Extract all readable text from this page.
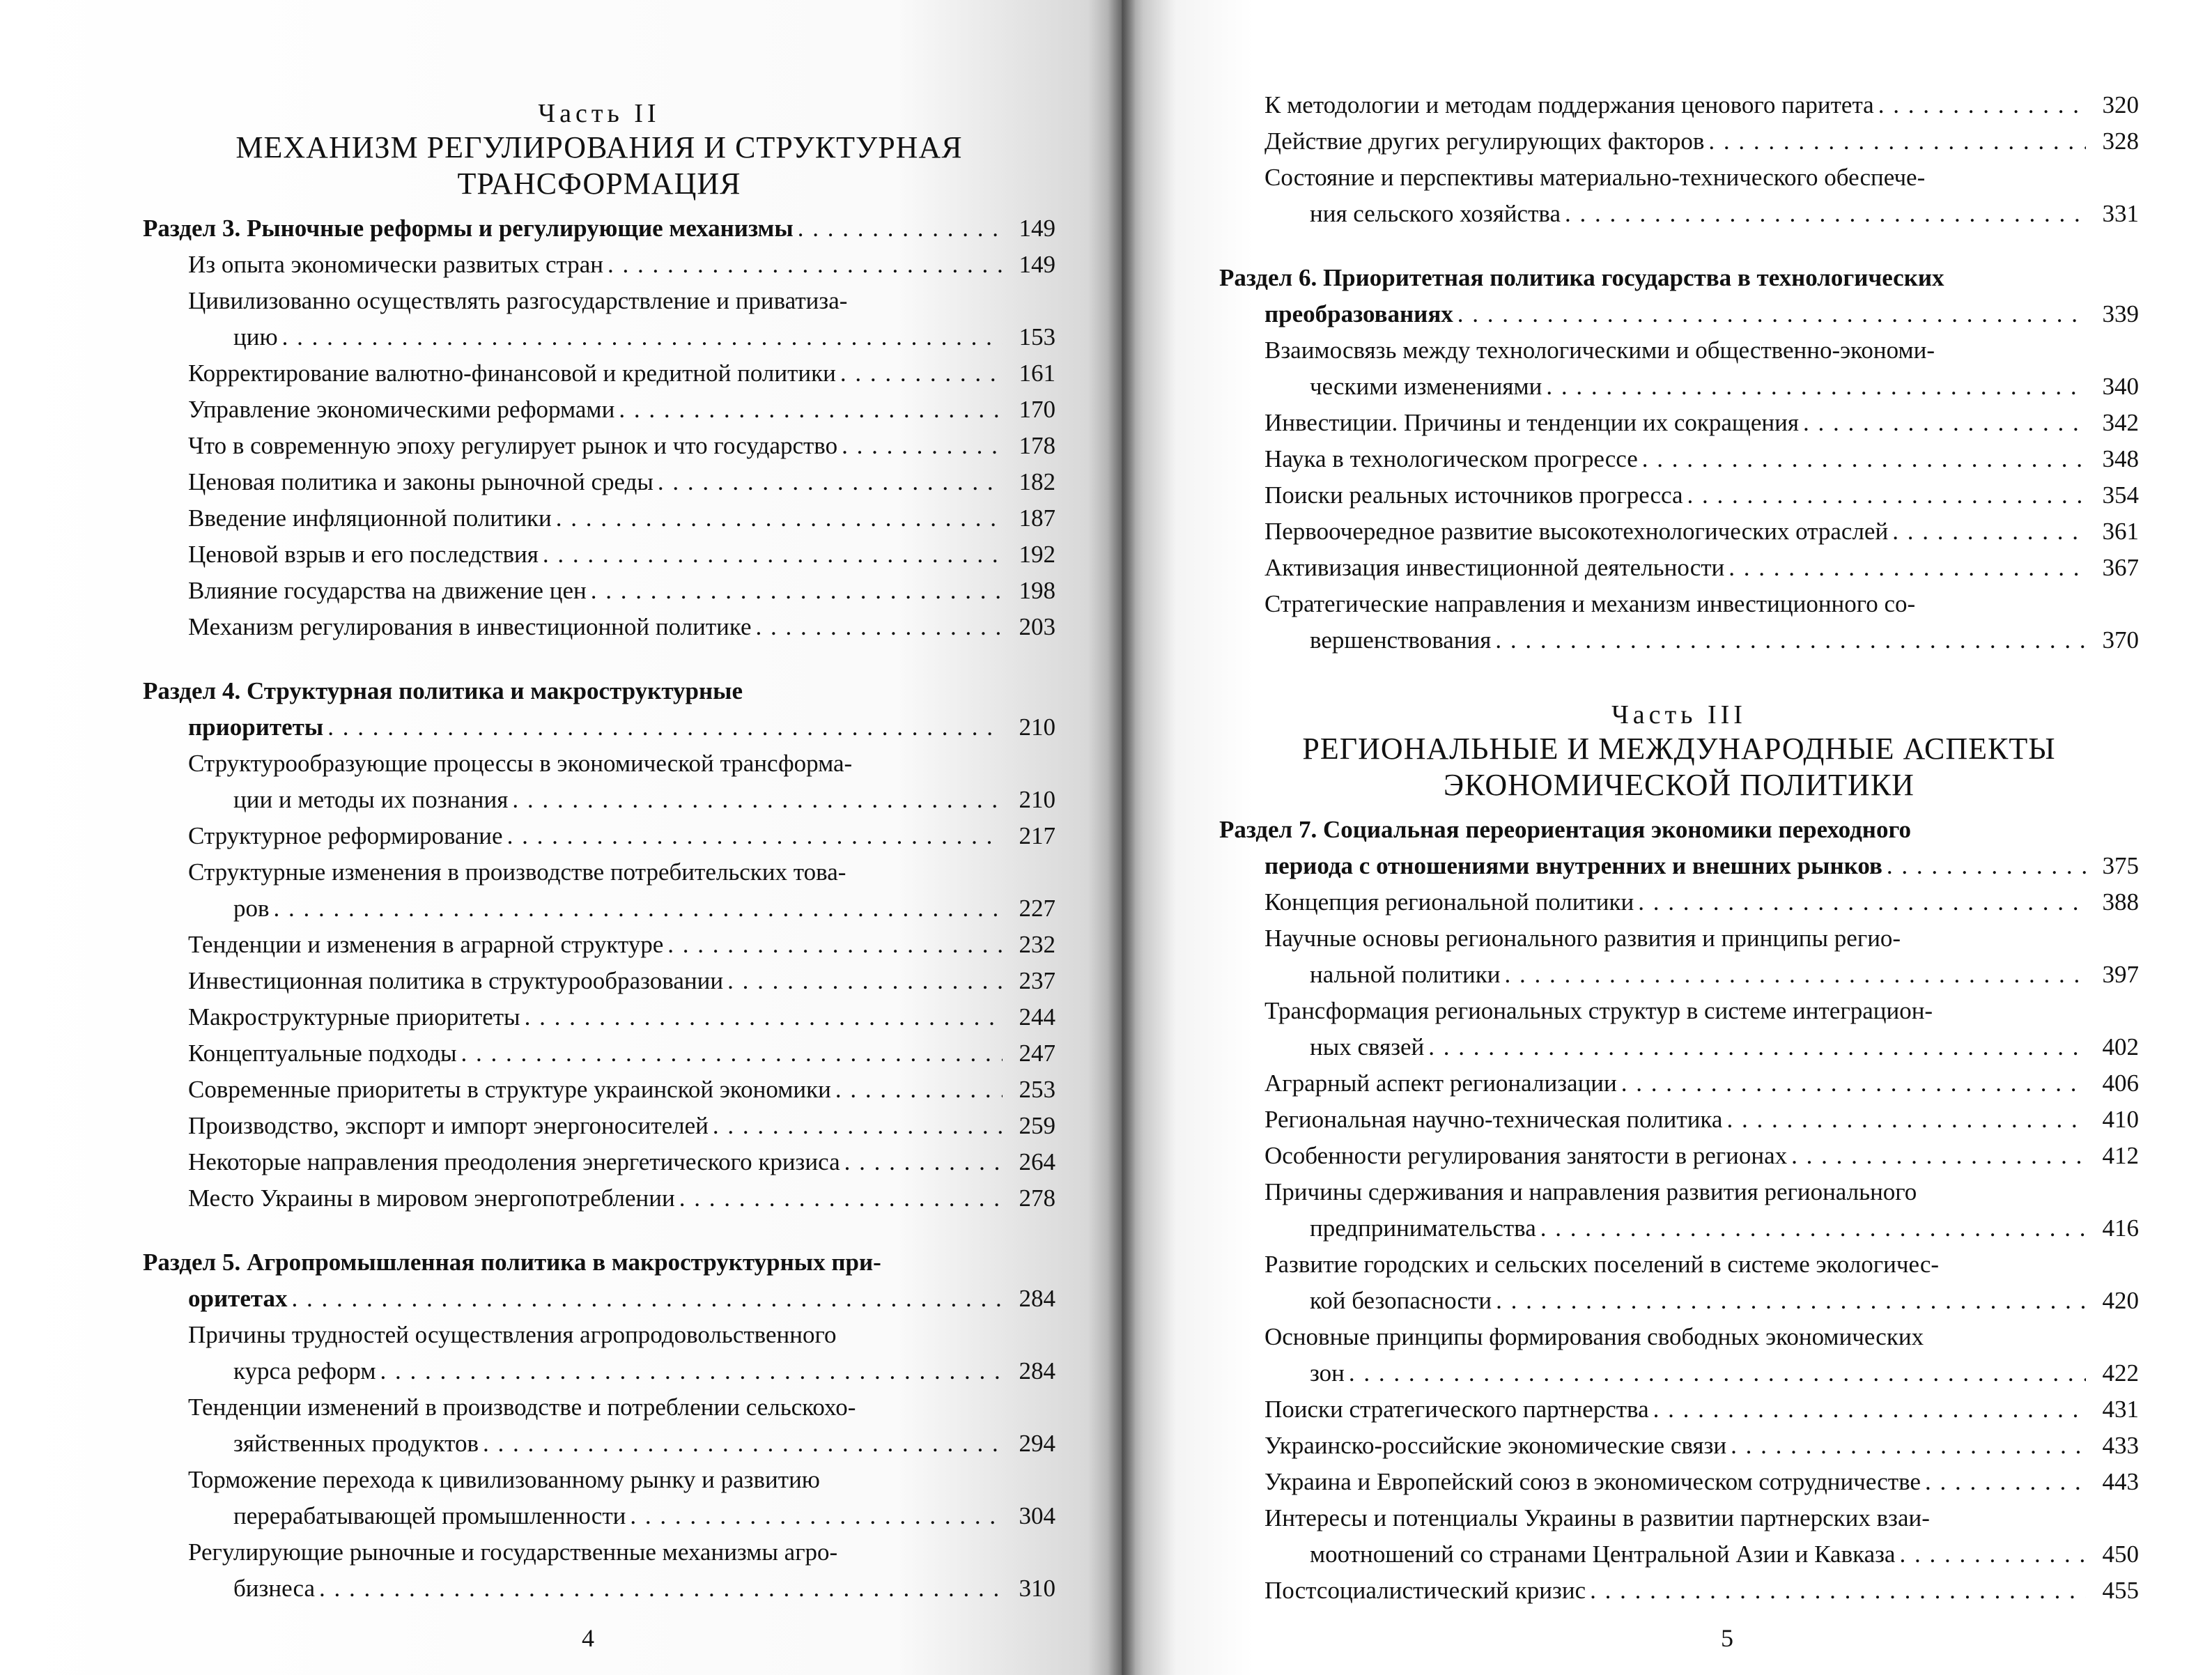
Часть II
МЕХАНИЗМ РЕГУЛИРОВАНИЯ И СТРУКТУРНАЯ
ТРАНСФОРМАЦИЯ
Раздел 3. Рыночные реформы и регулирующие механизмы . . .	149
Из опыта экономически развитых стран . . .	149
Цивилизованно осуществлять разгосударствление и приватиза-
цию . . .	153
Корректирование валютно-финансовой и кредитной политики . . .	161
Управление экономическими реформами . . .	170
Что в современную эпоху регулирует рынок и что государство . . .	178
Ценовая политика и законы рыночной среды . . .	182
Введение инфляционной политики . . .	187
Ценовой взрыв и его последствия . . .	192
Влияние государства на движение цен . . .	198
Механизм регулирования в инвестиционной политике . . .	203
Раздел 4. Структурная политика и макроструктурные
приоритеты . . .	210
Структурообразующие процессы в экономической трансформа-
ции и методы их познания . . .	210
Структурное реформирование . . .	217
Структурные изменения в производстве потребительских това-
ров . . .	227
Тенденции и изменения в аграрной структуре . . .	232
Инвестиционная политика в структурообразовании . . .	237
Макроструктурные приоритеты . . .	244
Концептуальные подходы . . .	247
Современные приоритеты в структуре украинской экономики . . .	253
Производство, экспорт и импорт энергоносителей . . .	259
Некоторые направления преодоления энергетического кризиса . . .	264
Место Украины в мировом энергопотреблении . . .	278
Раздел 5. Агропромышленная политика в макроструктурных при-
оритетах . . .	284
Причины трудностей осуществления агропродовольственного
курса реформ . . .	284
Тенденции изменений в производстве и потреблении сельскохо-
зяйственных продуктов . . .	294
Торможение перехода к цивилизованному рынку и развитию
перерабатывающей промышленности . . .	304
Регулирующие рыночные и государственные механизмы агро-
бизнеса . . .	310
4
К методологии и методам поддержания ценового паритета . . .	320
Действие других регулирующих факторов . . .	328
Состояние и перспективы материально-технического обеспече-
ния сельского хозяйства . . .	331
Раздел 6. Приоритетная политика государства в технологических
преобразованиях . . .	339
Взаимосвязь между технологическими и общественно-экономи-
ческими изменениями . . .	340
Инвестиции. Причины и тенденции их сокращения . . .	342
Наука в технологическом прогрессе . . .	348
Поиски реальных источников прогресса . . .	354
Первоочередное развитие высокотехнологических отраслей . . .	361
Активизация инвестиционной деятельности . . .	367
Стратегические направления и механизм инвестиционного со-
вершенствования . . .	370
Часть III
РЕГИОНАЛЬНЫЕ И МЕЖДУНАРОДНЫЕ АСПЕКТЫ
ЭКОНОМИЧЕСКОЙ ПОЛИТИКИ
Раздел 7. Социальная переориентация экономики переходного
периода с отношениями внутренних и внешних рынков . . .	375
Концепция региональной политики . . .	388
Научные основы регионального развития и принципы регио-
нальной политики . . .	397
Трансформация региональных структур в системе интеграцион-
ных связей . . .	402
Аграрный аспект регионализации . . .	406
Региональная научно-техническая политика . . .	410
Особенности регулирования занятости в регионах . . .	412
Причины сдерживания и направления развития регионального
предпринимательства . . .	416
Развитие городских и сельских поселений в системе экологичес-
кой безопасности . . .	420
Основные принципы формирования свободных экономических
зон . . .	422
Поиски стратегического партнерства . . .	431
Украинско-российские экономические связи . . .	433
Украина и Европейский союз в экономическом сотрудничестве . . .	443
Интересы и потенциалы Украины в развитии партнерских взаи-
моотношений со странами Центральной Азии и Кавказа . . .	450
Постсоциалистический кризис . . .	455
5
